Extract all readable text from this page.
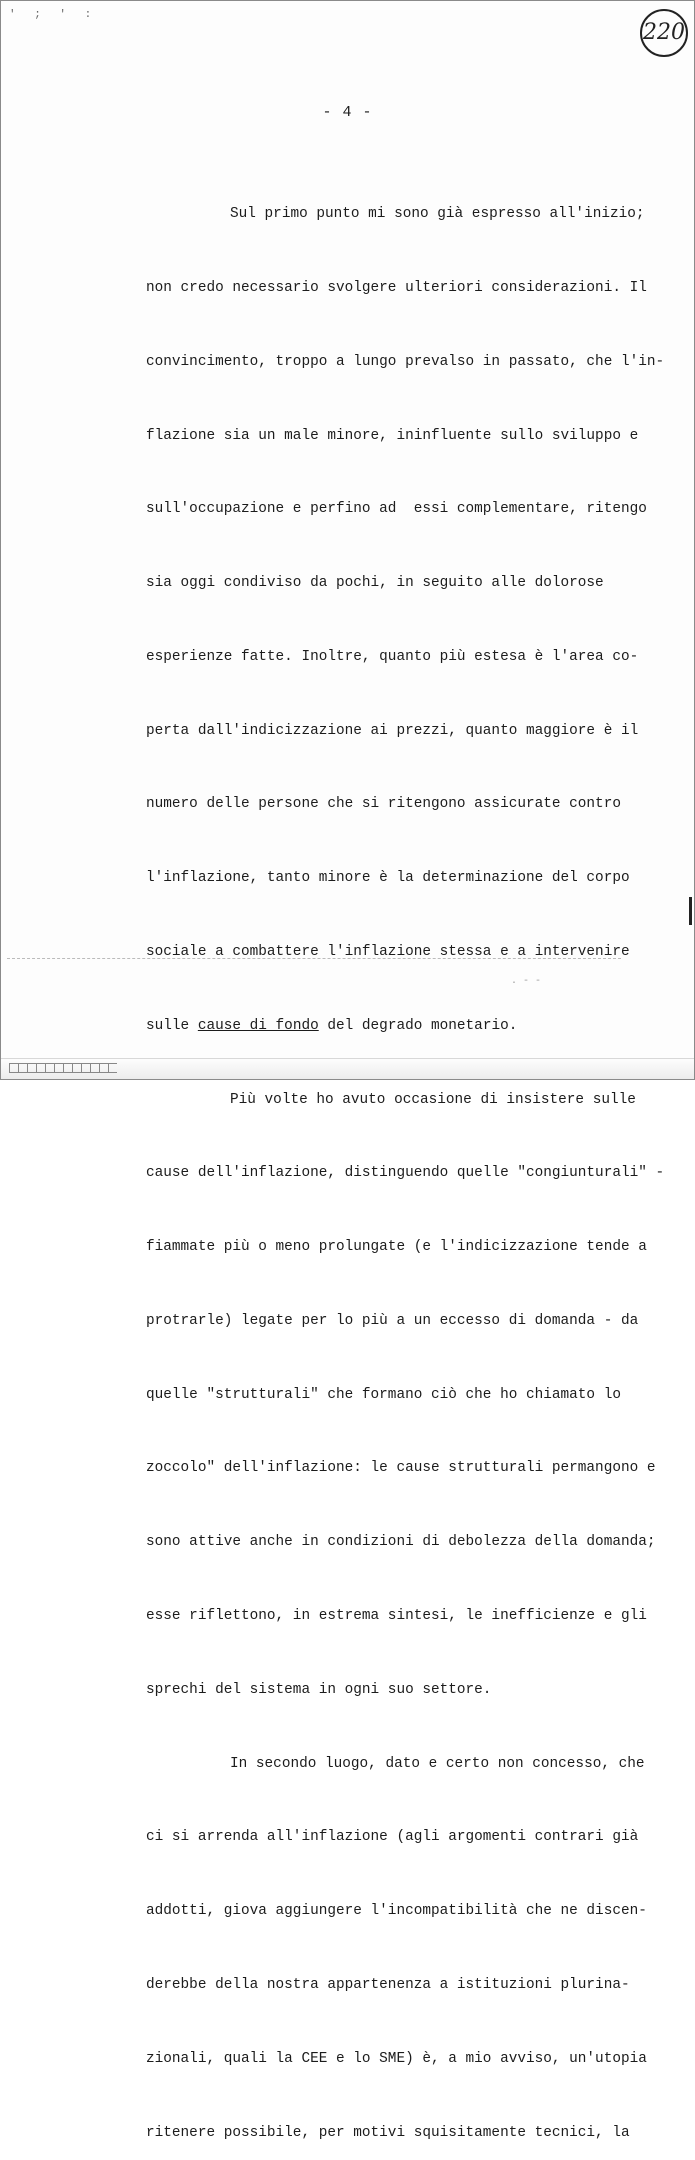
' ; ' :
220
- 4 -

Sul primo punto mi sono già espresso all'inizio;

non credo necessario svolgere ulteriori considerazioni. Il

convincimento, troppo a lungo prevalso in passato, che l'in-

flazione sia un male minore, ininfluente sullo sviluppo e

sull'occupazione e perfino ad  essi complementare, ritengo

sia oggi condiviso da pochi, in seguito alle dolorose

esperienze fatte. Inoltre, quanto più estesa è l'area co-

perta dall'indicizzazione ai prezzi, quanto maggiore è il

numero delle persone che si ritengono assicurate contro

l'inflazione, tanto minore è la determinazione del corpo

sociale a combattere l'inflazione stessa e a intervenire

sulle cause di fondo del degrado monetario.

Più volte ho avuto occasione di insistere sulle

cause dell'inflazione, distinguendo quelle "congiunturali" -

fiammate più o meno prolungate (e l'indicizzazione tende a

protrarle) legate per lo più a un eccesso di domanda - da

quelle "strutturali" che formano ciò che ho chiamato lo

zoccolo" dell'inflazione: le cause strutturali permangono e

sono attive anche in condizioni di debolezza della domanda;

esse riflettono, in estrema sintesi, le inefficienze e gli

sprechi del sistema in ogni suo settore.

In secondo luogo, dato e certo non concesso, che

ci si arrenda all'inflazione (agli argomenti contrari già

addotti, giova aggiungere l'incompatibilità che ne discen-

derebbe della nostra appartenenza a istituzioni plurina-

zionali, quali la CEE e lo SME) è, a mio avviso, un'utopia

ritenere possibile, per motivi squisitamente tecnici, la

. - -
